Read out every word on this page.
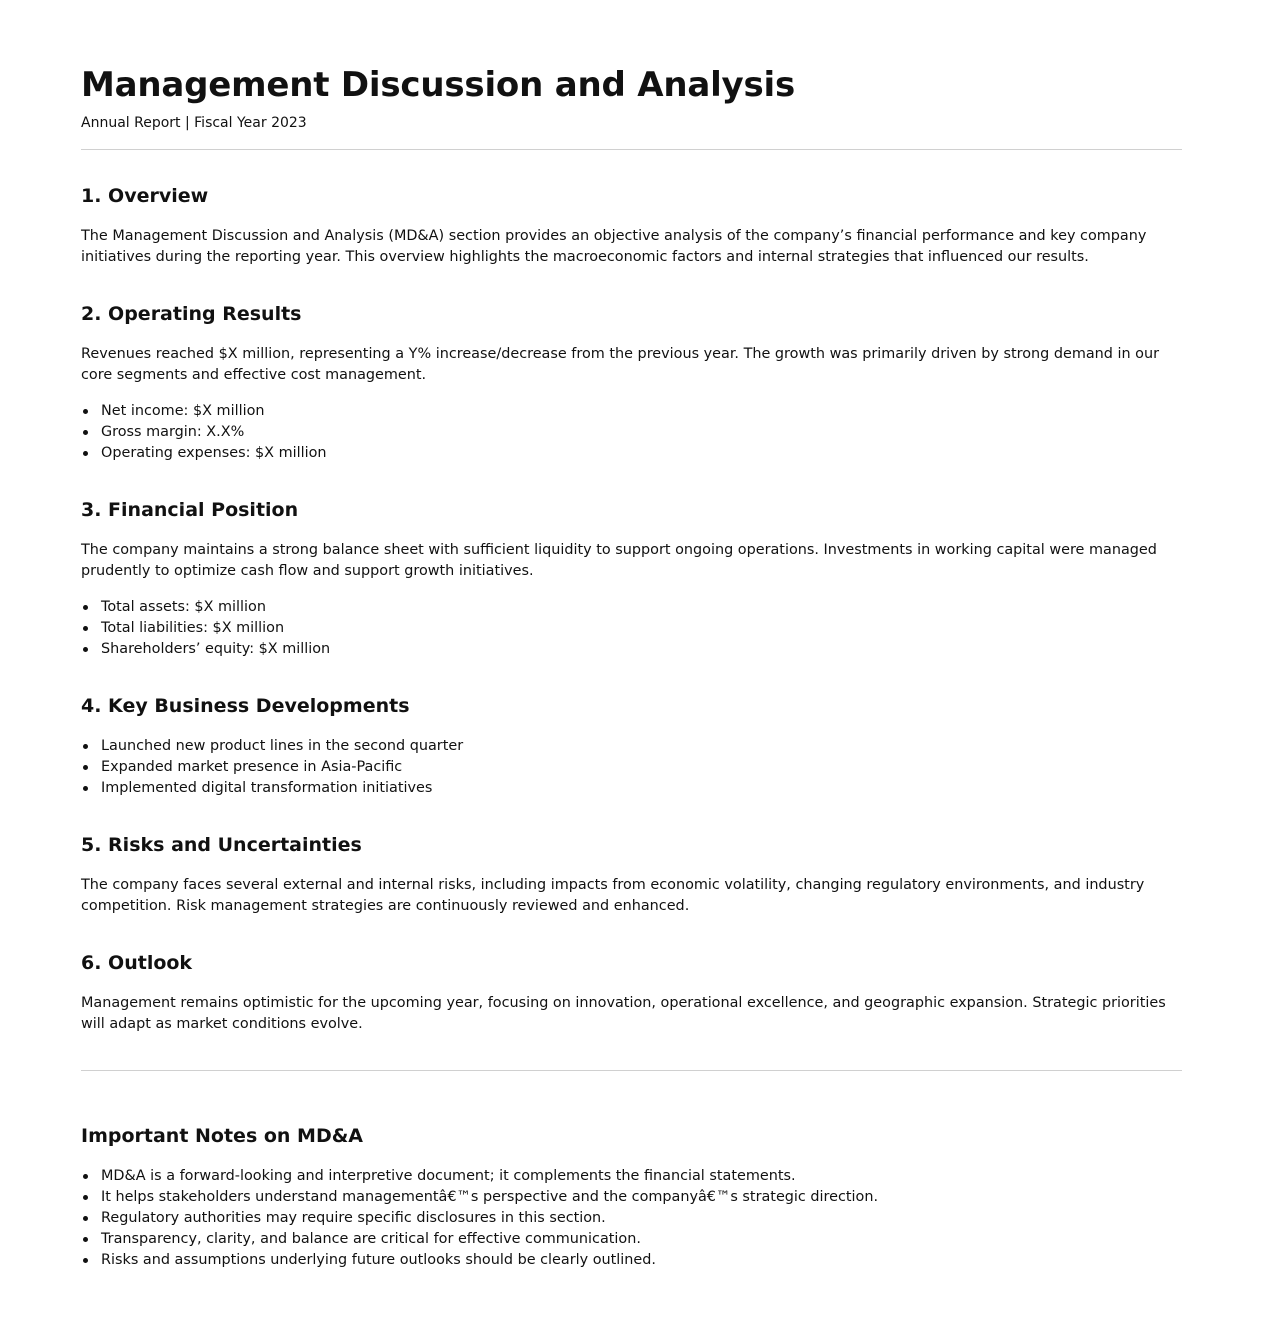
Management Discussion and Analysis
Annual Report | Fiscal Year 2023
1. Overview

The Management Discussion and Analysis (MD&A) section provides an objective analysis of the company’s financial performance and key company initiatives during the reporting year. This overview highlights the macroeconomic factors and internal strategies that influenced our results.

2. Operating Results

Revenues reached $X million, representing a Y% increase/decrease from the previous year. The growth was primarily driven by strong demand in our core segments and effective cost management.

Net income: $X million
Gross margin: X.X%
Operating expenses: $X million
3. Financial Position

The company maintains a strong balance sheet with sufficient liquidity to support ongoing operations. Investments in working capital were managed prudently to optimize cash flow and support growth initiatives.

Total assets: $X million
Total liabilities: $X million
Shareholders’ equity: $X million
4. Key Business Developments
Launched new product lines in the second quarter
Expanded market presence in Asia-Pacific
Implemented digital transformation initiatives
5. Risks and Uncertainties

The company faces several external and internal risks, including impacts from economic volatility, changing regulatory environments, and industry competition. Risk management strategies are continuously reviewed and enhanced.

6. Outlook

Management remains optimistic for the upcoming year, focusing on innovation, operational excellence, and geographic expansion. Strategic priorities will adapt as market conditions evolve.

Important Notes on MD&A
MD&A is a forward-looking and interpretive document; it complements the financial statements.
It helps stakeholders understand managementâ€™s perspective and the companyâ€™s strategic direction.
Regulatory authorities may require specific disclosures in this section.
Transparency, clarity, and balance are critical for effective communication.
Risks and assumptions underlying future outlooks should be clearly outlined.
